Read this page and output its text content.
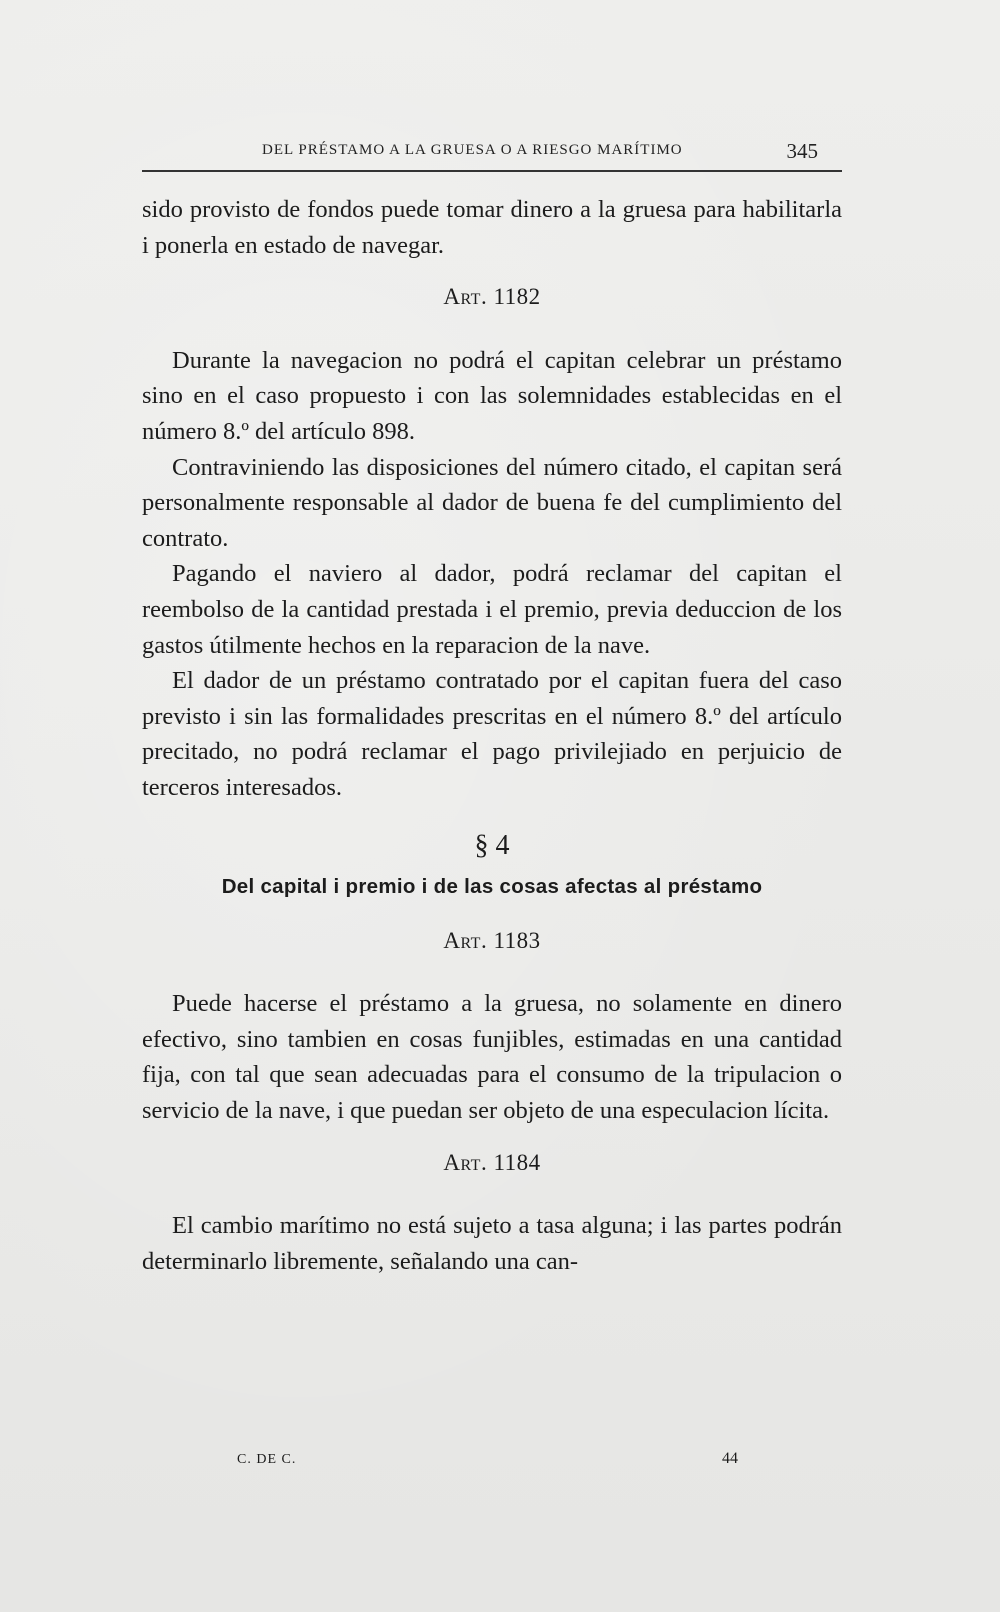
DEL PRÉSTAMO A LA GRUESA O A RIESGO MARÍTIMO	345

sido provisto de fondos puede tomar dinero a la gruesa para habilitarla i ponerla en estado de navegar.

Art. 1182

Durante la navegacion no podrá el capitan celebrar un préstamo sino en el caso propuesto i con las solemnidades establecidas en el número 8.º del artículo 898.

Contraviniendo las disposiciones del número citado, el capitan será personalmente responsable al dador de buena fe del cumplimiento del contrato.

Pagando el naviero al dador, podrá reclamar del capitan el reembolso de la cantidad prestada i el premio, previa deduccion de los gastos útilmente hechos en la reparacion de la nave.

El dador de un préstamo contratado por el capitan fuera del caso previsto i sin las formalidades prescritas en el número 8.º del artículo precitado, no podrá reclamar el pago privilejiado en perjuicio de terceros interesados.

§ 4
Del capital i premio i de las cosas afectas al préstamo
Art. 1183

Puede hacerse el préstamo a la gruesa, no solamente en dinero efectivo, sino tambien en cosas funjibles, estimadas en una cantidad fija, con tal que sean adecuadas para el consumo de la tripulacion o servicio de la nave, i que puedan ser objeto de una especulacion lícita.

Art. 1184

El cambio marítimo no está sujeto a tasa alguna; i las partes podrán determinarlo libremente, señalando una can-

C. DE C.	44
